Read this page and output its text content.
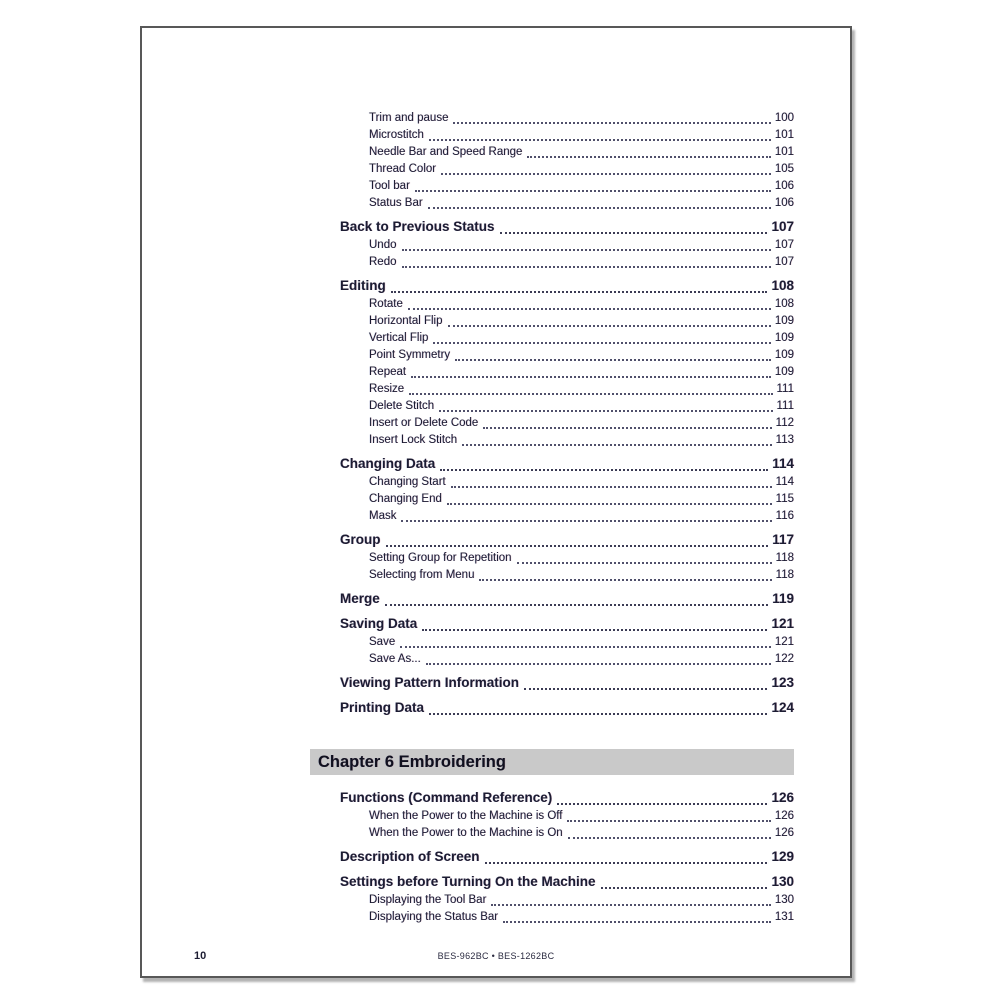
Trim and pause	100
Microstitch	101
Needle Bar and Speed Range	101
Thread Color	105
Tool bar	106
Status Bar	106
Back to Previous Status	107
Undo	107
Redo	107
Editing	108
Rotate	108
Horizontal Flip	109
Vertical Flip	109
Point Symmetry	109
Repeat	109
Resize	111
Delete Stitch	111
Insert or Delete Code	112
Insert Lock Stitch	113
Changing Data	114
Changing Start	114
Changing End	115
Mask	116
Group	117
Setting Group for Repetition	118
Selecting from Menu	118
Merge	119
Saving Data	121
Save	121
Save As...	122
Viewing Pattern Information	123
Printing Data	124
Chapter 6 Embroidering
Functions (Command Reference)	126
When the Power to the Machine is Off	126
When the Power to the Machine is On	126
Description of Screen	129
Settings before Turning On the Machine	130
Displaying the Tool Bar	130
Displaying the Status Bar	131
10	BES-962BC • BES-1262BC
